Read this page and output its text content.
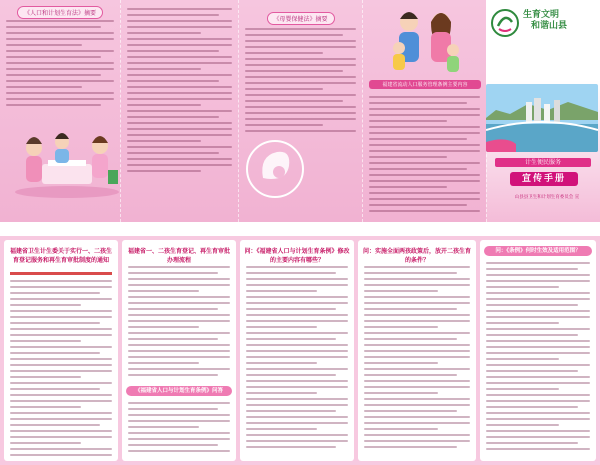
《人口和计划生育法》摘要
《母婴保健法》摘要
福建省流动人口服务管理条例主要内容
生育文明
和谐山县
计生便民服务
宣传手册
山县县卫生和计划生育委员会 宣
福建省卫生计生委关于实行一、二孩生育登记服务和再生育审批制度的通知
福建省一、二孩生育登记、再生育审批办理流程
《福建省人口与计划生育条例》问答
问：《福建省人口与计划生育条例》修改的主要内容有哪些？
问：实施全面两孩政策后，放开二孩生育的条件？
问：《条例》何时生效及适用范围？
